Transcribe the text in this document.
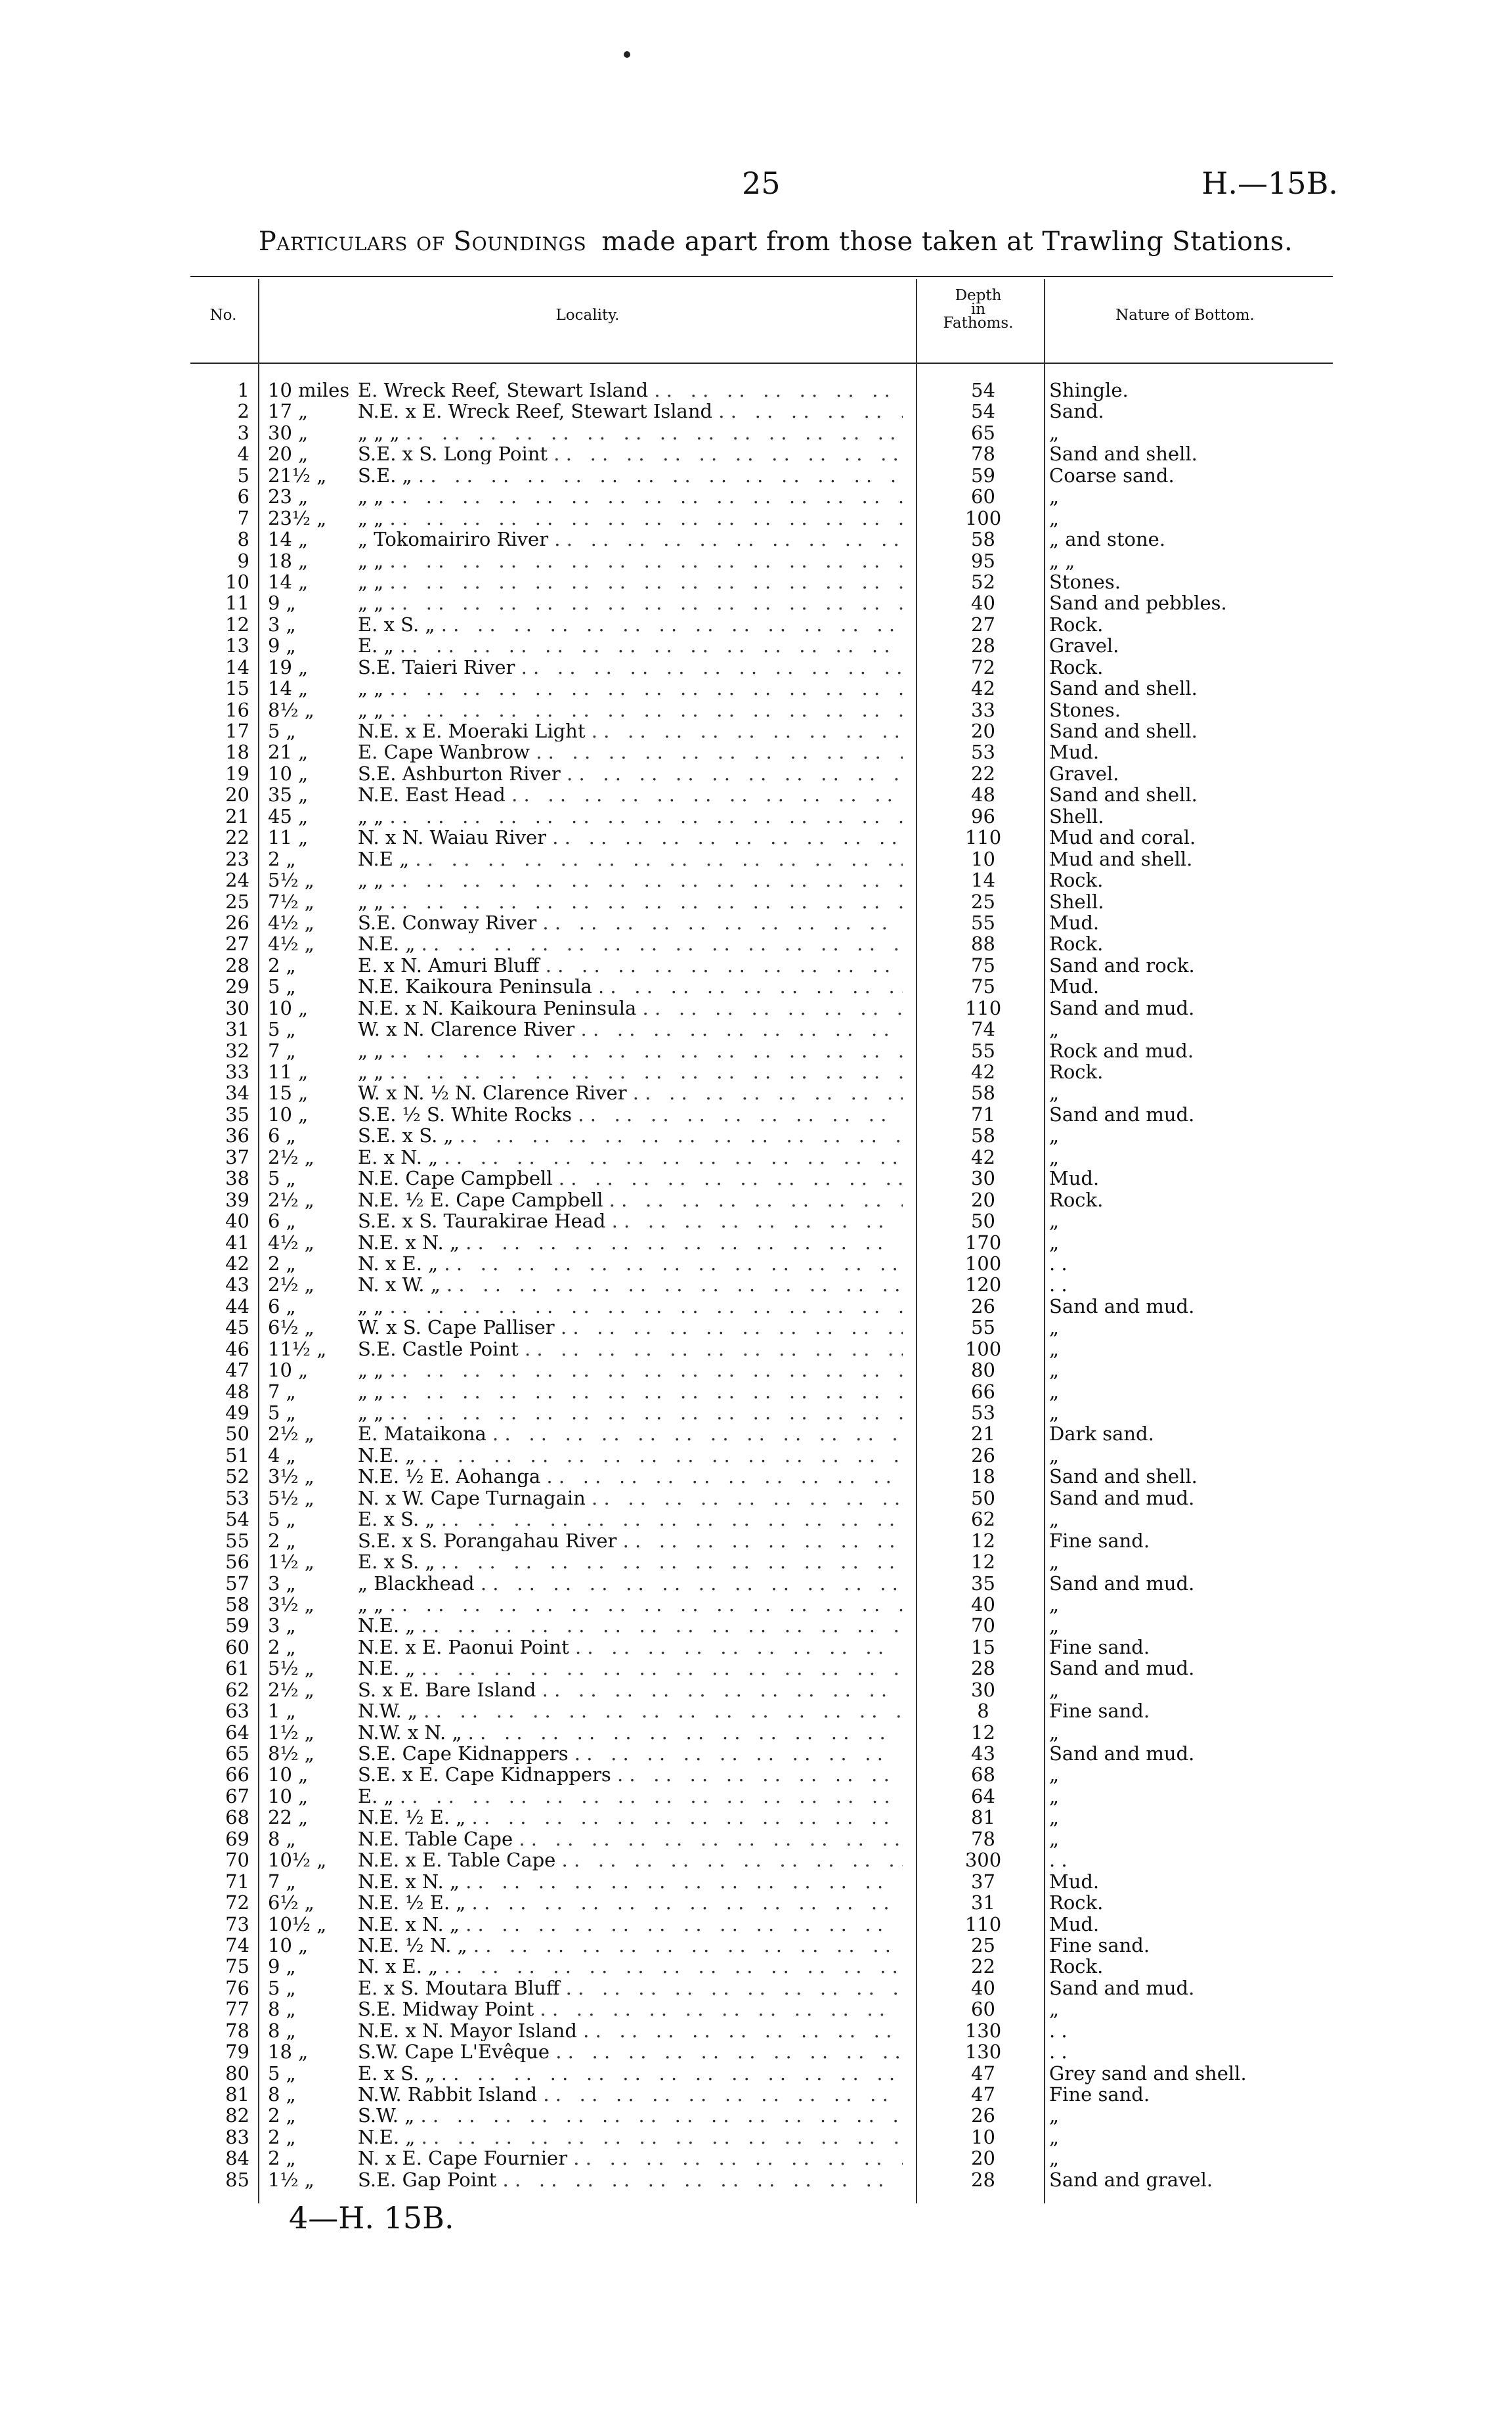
25	H.—15B.
Particulars of Soundings made apart from those taken at Trawling Stations.
No.	Locality.
Depth
in
Fathoms.	Nature of Bottom.
1 10 miles E. Wreck Reef, Stewart Island . .	54	Shingle.
2 17 „	N.E. x E. Wreck Reef, Stewart Island . .	54	Sand.
3 30 „	„ „ „ . .	65	„
4 20 „	S.E. x S. Long Point . .	78	Sand and shell.
5 21½ „	S.E. „ . .	59	Coarse sand.
6 23 „	„ „ . .	60	„
7 23½ „	„ „ . .	100	„
8 14 „	„ Tokomairiro River . .	58	„ and stone.
9 18 „	„ „ . .	95	„ „
10 14 „	„ „ . .	52	Stones.
11 9 „	„ „ . .	40	Sand and pebbles.
12 3 „	E. x S. „ . .	27	Rock.
13 9 „	E. „ . .	28	Gravel.
14 19 „	S.E. Taieri River . .	72	Rock.
15 14 „	„ „ . .	42	Sand and shell.
16 8½ „	„ „ . .	33	Stones.
17 5 „	N.E. x E. Moeraki Light . .	20	Sand and shell.
18 21 „	E. Cape Wanbrow . .	53	Mud.
19 10 „	S.E. Ashburton River . .	22	Gravel.
20 35 „	N.E. East Head . .	48	Sand and shell.
21 45 „	„ „ . .	96	Shell.
22 11 „	N. x N. Waiau River . .	110	Mud and coral.
23 2 „	N.E „ . .	10	Mud and shell.
24 5½ „	„ „ . .	14	Rock.
25 7½ „	„ „ . .	25	Shell.
26 4½ „	S.E. Conway River . .	55	Mud.
27 4½ „	N.E. „ . .	88	Rock.
28 2 „	E. x N. Amuri Bluff . .	75	Sand and rock.
29 5 „	N.E. Kaikoura Peninsula . .	75	Mud.
30 10 „	N.E. x N. Kaikoura Peninsula . .	110	Sand and mud.
31 5 „	W. x N. Clarence River . .	74	„
32 7 „	„ „ . .	55	Rock and mud.
33 11 „	„ „ . .	42	Rock.
34 15 „	W. x N. ½ N. Clarence River . .	58	„
35 10 „	S.E. ½ S. White Rocks . .	71	Sand and mud.
36 6 „	S.E. x S. „ . .	58	„
37 2½ „	E. x N. „ . .	42	„
38 5 „	N.E. Cape Campbell . .	30	Mud.
39 2½ „	N.E. ½ E. Cape Campbell . .	20	Rock.
40 6 „	S.E. x S. Taurakirae Head . .	50	„
41 4½ „	N.E. x N. „ . .	170	„
42 2 „	N. x E. „ . .	100	. .
43 2½ „	N. x W. „ . .	120	. .
44 6 „	„ „ . .	26	Sand and mud.
45 6½ „	W. x S. Cape Palliser . .	55	„
46 11½ „	S.E. Castle Point . .	100	„
47 10 „	„ „ . .	80	„
48 7 „	„ „ . .	66	„
49 5 „	„ „ . .	53	„
50 2½ „	E. Mataikona . .	21	Dark sand.
51 4 „	N.E. „ . .	26	„
52 3½ „	N.E. ½ E. Aohanga . .	18	Sand and shell.
53 5½ „	N. x W. Cape Turnagain . .	50	Sand and mud.
54 5 „	E. x S. „ . .	62	„
55 2 „	S.E. x S. Porangahau River . .	12	Fine sand.
56 1½ „	E. x S. „ . .	12	„
57 3 „	„ Blackhead . .	35	Sand and mud.
58 3½ „	„ „ . .	40	„
59 3 „	N.E. „ . .	70	„
60 2 „	N.E. x E. Paonui Point . .	15	Fine sand.
61 5½ „	N.E. „ . .	28	Sand and mud.
62 2½ „	S. x E. Bare Island . .	30	„
63 1 „	N.W. „ . .	8	Fine sand.
64 1½ „	N.W. x N. „ . .	12	„
65 8½ „	S.E. Cape Kidnappers . .	43	Sand and mud.
66 10 „	S.E. x E. Cape Kidnappers . .	68	„
67 10 „	E. „ . .	64	„
68 22 „	N.E. ½ E. „ . .	81	„
69 8 „	N.E. Table Cape . .	78	„
70 10½ „	N.E. x E. Table Cape . .	300	. .
71 7 „	N.E. x N. „ . .	37	Mud.
72 6½ „	N.E. ½ E. „ . .	31	Rock.
73 10½ „	N.E. x N. „ . .	110	Mud.
74 10 „	N.E. ½ N. „ . .	25	Fine sand.
75 9 „	N. x E. „ . .	22	Rock.
76 5 „	E. x S. Moutara Bluff . .	40	Sand and mud.
77 8 „	S.E. Midway Point . .	60	„
78 8 „	N.E. x N. Mayor Island . .	130	. .
79 18 „	S.W. Cape L'Evêque . .	130	. .
80 5 „	E. x S. „ . .	47	Grey sand and shell.
81 8 „	N.W. Rabbit Island . .	47	Fine sand.
82 2 „	S.W. „ . .	26	„
83 2 „	N.E. „ . .	10	„
84 2 „	N. x E. Cape Fournier . .	20	„
85 1½ „	S.E. Gap Point . .	28	Sand and gravel.
4—H. 15B.
